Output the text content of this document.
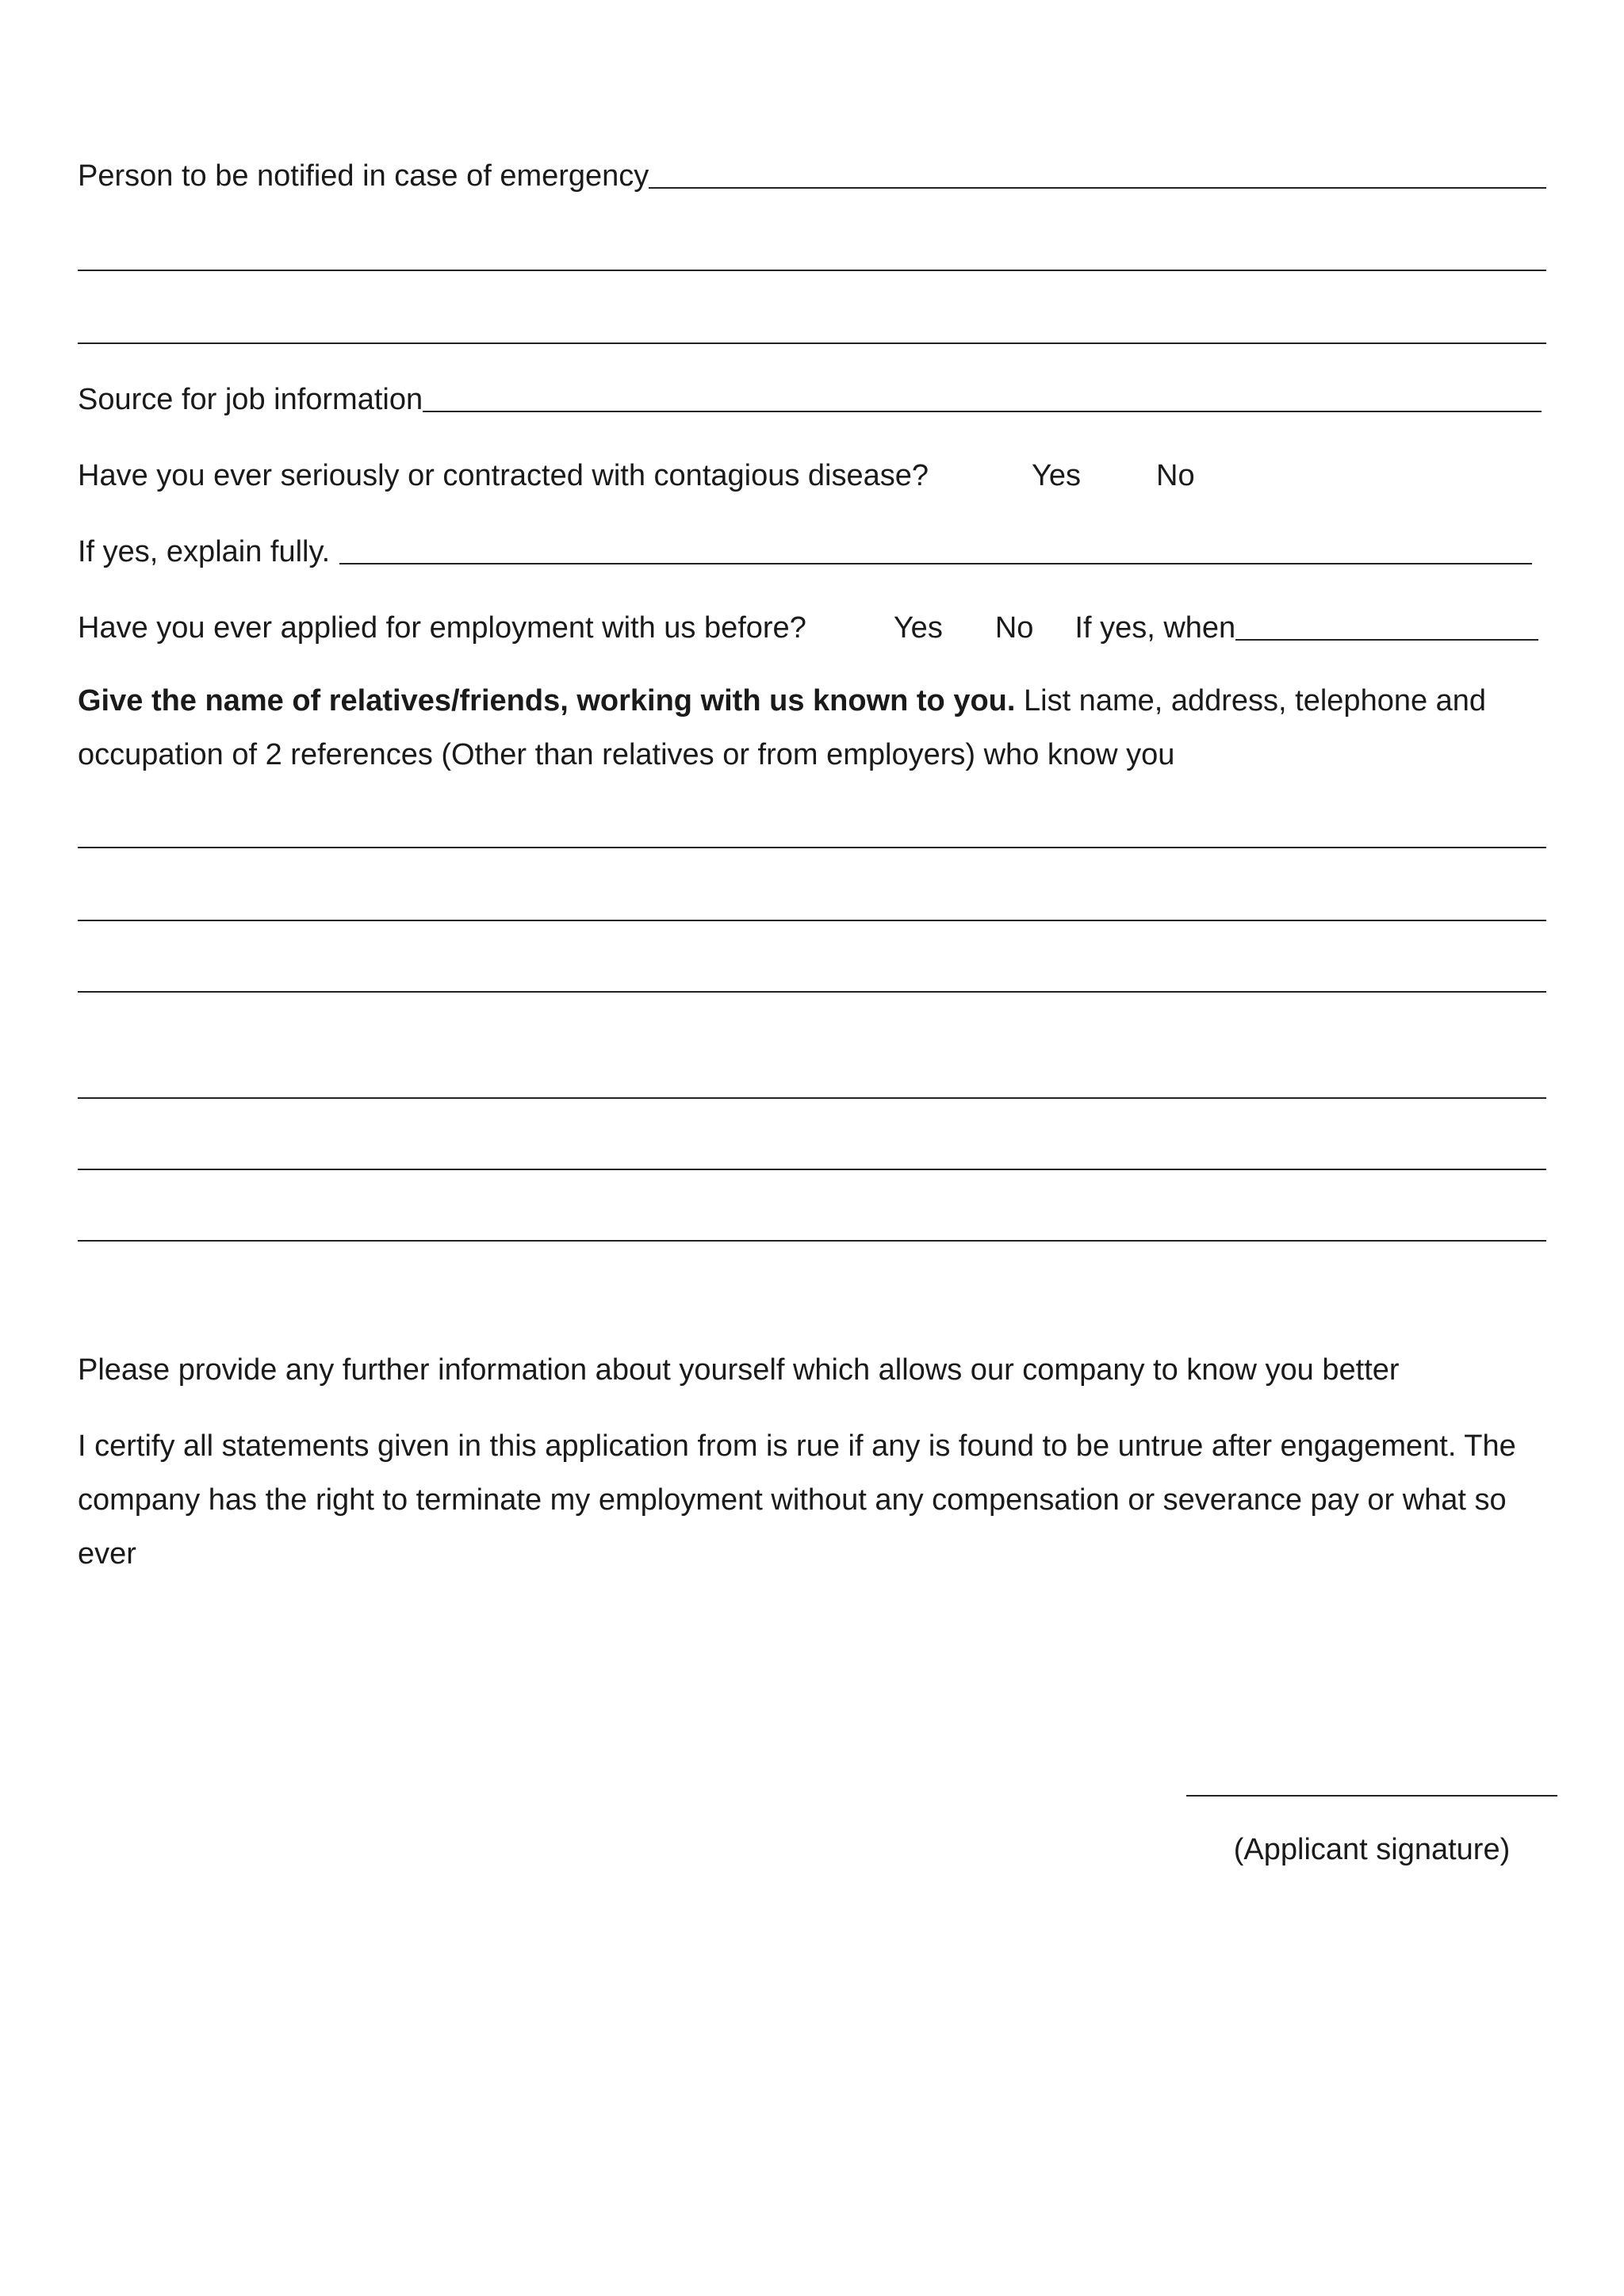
Person to be notified in case of emergency
Source for job information
Have you ever seriously or contracted with contagious disease?	Yes	No
If yes, explain fully.
Have you ever applied for employment with us before?	Yes No If yes, when
Give the name of relatives/friends, working with us known to you. List name, address, telephone and occupation of 2 references (Other than relatives or from employers) who know you
Please provide any further information about yourself which allows our company to know you better
I certify all statements given in this application from is rue if any is found to be untrue after engagement. The company has the right to terminate my employment without any compensation or severance pay or what so ever
(Applicant signature)
